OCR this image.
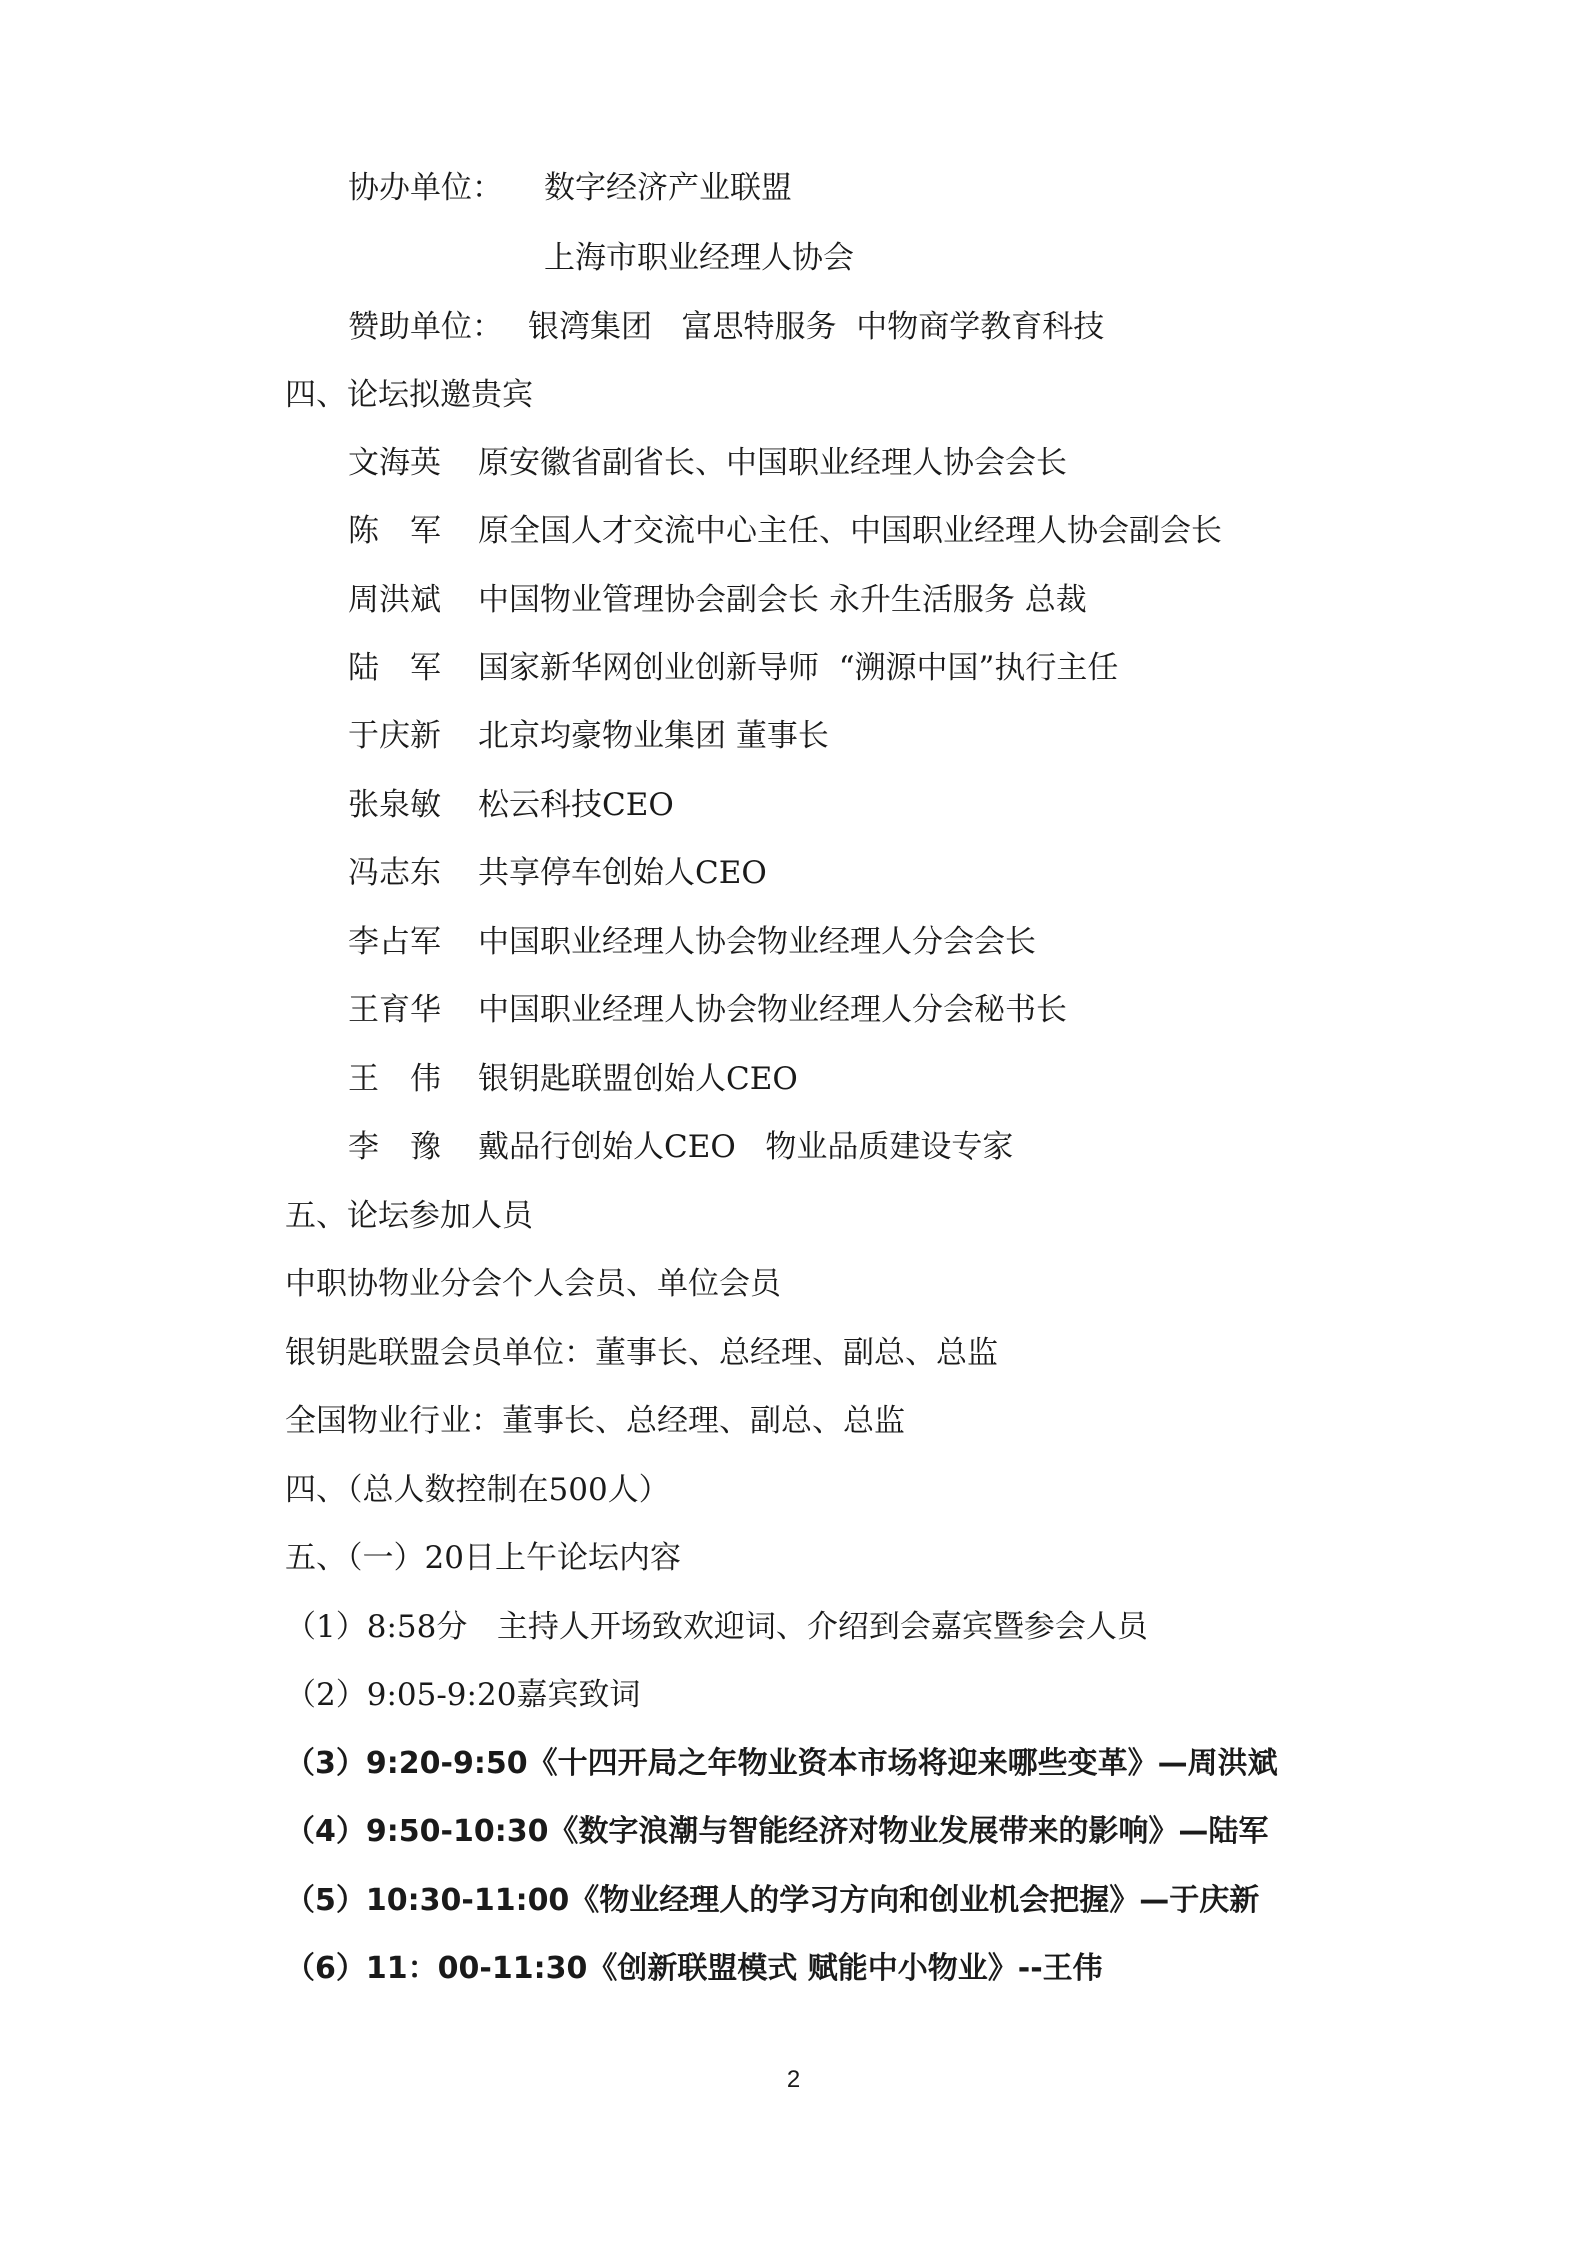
协办单位： 数字经济产业联盟
上海市职业经理人协会
赞助单位： 银湾集团   富思特服务  中物商学教育科技
四、论坛拟邀贵宾
文海英	原安徽省副省长、中国职业经理人协会会长
陈　军	原全国人才交流中心主任、中国职业经理人协会副会长
周洪斌	中国物业管理协会副会长 永升生活服务 总裁
陆　军	国家新华网创业创新导师  “溯源中国”执行主任
于庆新	北京均豪物业集团 董事长
张泉敏	松云科技CEO
冯志东	共享停车创始人CEO
李占军	中国职业经理人协会物业经理人分会会长
王育华	中国职业经理人协会物业经理人分会秘书长
王　伟	银钥匙联盟创始人CEO
李　豫	戴品行创始人CEO   物业品质建设专家
五、论坛参加人员
中职协物业分会个人会员、单位会员
银钥匙联盟会员单位：董事长、总经理、副总、总监
全国物业行业：董事长、总经理、副总、总监
四、（总人数控制在500人）
五、（一）20日上午论坛内容
（1）8:58分   主持人开场致欢迎词、介绍到会嘉宾暨参会人员
（2）9:05-9:20嘉宾致词
（3）9:20-9:50《十四开局之年物业资本市场将迎来哪些变革》—周洪斌
（4）9:50-10:30《数字浪潮与智能经济对物业发展带来的影响》—陆军
（5）10:30-11:00《物业经理人的学习方向和创业机会把握》—于庆新
（6）11：00-11:30《创新联盟模式 赋能中小物业》--王伟
2
